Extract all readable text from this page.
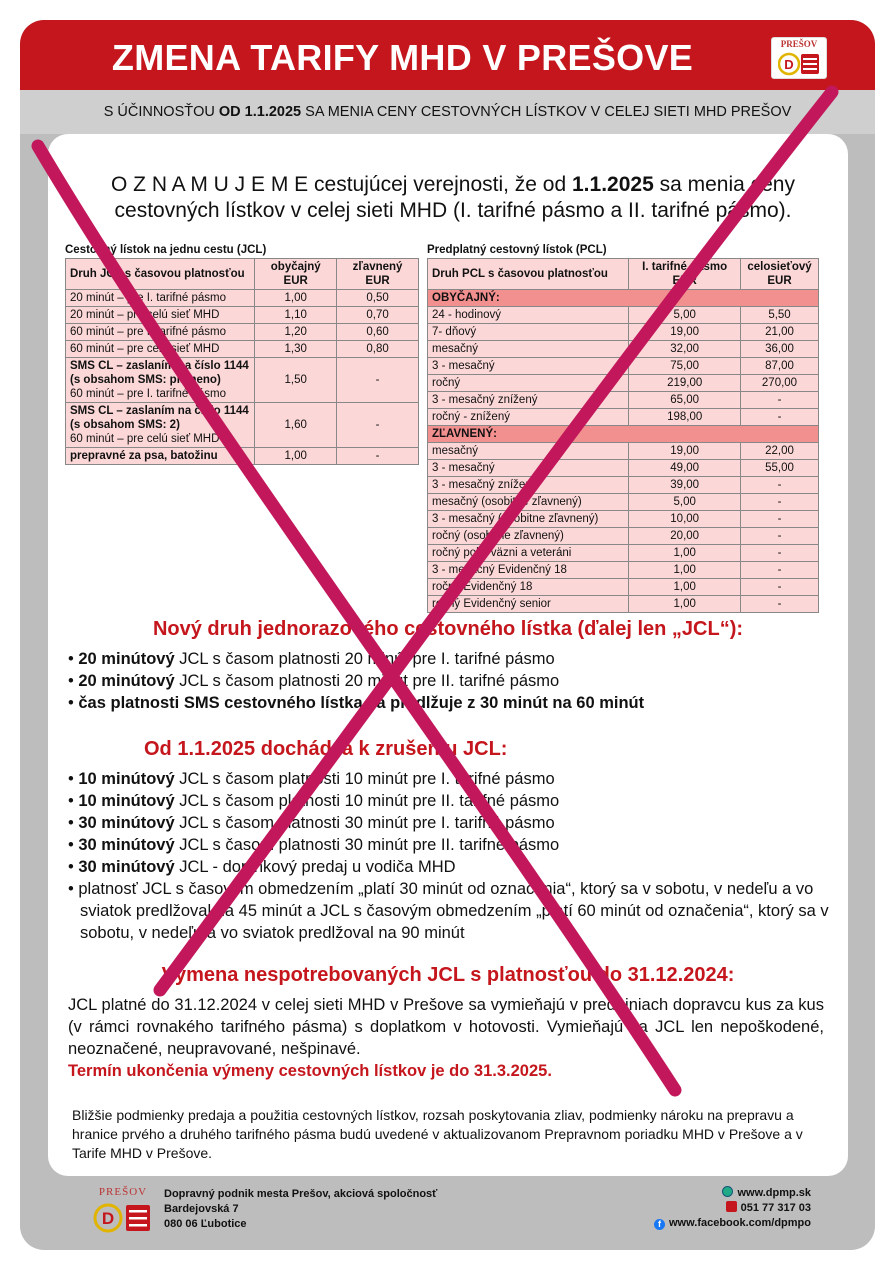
ZMENA TARIFY MHD V PREŠOVE	PREŠOV
D
S ÚČINNOSŤOU OD 1.1.2025 SA MENIA CENY CESTOVNÝCH LÍSTKOV V CELEJ SIETI MHD PREŠOV
O Z N A M U J E M E cestujúcej verejnosti, že od 1.1.2025 sa menia ceny cestovných lístkov v celej sieti MHD (I. tarifné pásmo a II. tarifné pásmo).
Cestovný lístok na jednu cestu (JCL)
Druh JCL s časovou platnosťou	obyčajný EUR	zľavnený EUR
20 minút – pre I. tarifné pásmo	1,00	0,50
20 minút – pre celú sieť MHD	1,10	0,70
60 minút – pre I. tarifné pásmo	1,20	0,60
60 minút – pre celú sieť MHD	1,30	0,80
SMS CL – zaslaním na číslo 1144 (s obsahom SMS: písmeno)
60 minút – pre I. tarifné pásmo	1,50	-
SMS CL – zaslaním na číslo 1144 (s obsahom SMS: 2)
60 minút – pre celú sieť MHD	1,60	-
prepravné za psa, batožinu	1,00	-
Predplatný cestovný lístok (PCL)
Druh PCL s časovou platnosťou	I. tarifné pásmo EUR	celosieťový EUR
OBYČAJNÝ:		
24 - hodinový	5,00	5,50
7- dňový	19,00	21,00
mesačný	32,00	36,00
3 - mesačný	75,00	87,00
ročný	219,00	270,00
3 - mesačný znížený	65,00	-
ročný - znížený	198,00	-
ZĽAVNENÝ:		
mesačný	19,00	22,00
3 - mesačný	49,00	55,00
3 - mesačný znížený	39,00	-
mesačný (osobitne zľavnený)	5,00	-
3 - mesačný (osobitne zľavnený)	10,00	-
ročný (osobitne zľavnený)	20,00	-
ročný polit. väzni a veteráni	1,00	-
3 - mesačný Evidenčný 18	1,00	-
ročný Evidenčný 18	1,00	-
ročný Evidenčný senior	1,00	-
Nový druh jednorazového cestovného lístka (ďalej len „JCL“):
• 20 minútový JCL s časom platnosti 20 minút pre I. tarifné pásmo
• 20 minútový JCL s časom platnosti 20 minút pre II. tarifné pásmo
• čas platnosti SMS cestovného lístka sa predlžuje z 30 minút na 60 minút
Od 1.1.2025 dochádza k zrušeniu JCL:
• 10 minútový JCL s časom platnosti 10 minút pre I. tarifné pásmo
• 10 minútový JCL s časom platnosti 10 minút pre II. tarifné pásmo
• 30 minútový JCL s časom platnosti 30 minút pre I. tarifné pásmo
• 30 minútový JCL s časom platnosti 30 minút pre II. tarifné pásmo
• 30 minútový JCL - doplnkový predaj u vodiča MHD
• platnosť JCL s časovým obmedzením „platí 30 minút od označenia“, ktorý sa v sobotu, v nedeľu a vo sviatok predlžoval na 45 minút a JCL s časovým obmedzením „platí 60 minút od označenia“, ktorý sa v sobotu, v nedeľu a vo sviatok predlžoval na 90 minút
Výmena nespotrebovaných JCL s platnosťou do 31.12.2024:
JCL platné do 31.12.2024 v celej sieti MHD v Prešove sa vymieňajú v predajniach dopravcu kus za kus (v rámci rovnakého tarifného pásma) s doplatkom v hotovosti. Vymieňajú sa JCL len nepoškodené, neoznačené, neupravované, nešpinavé.
Termín ukončenia výmeny cestovných lístkov je do 31.3.2025.
Bližšie podmienky predaja a použitia cestovných lístkov, rozsah poskytovania zliav, podmienky nároku na prepravu a hranice prvého a druhého tarifného pásma budú uvedené v aktualizovanom Prepravnom poriadku MHD v Prešove a v Tarife MHD v Prešove.
PREŠOV
D
Dopravný podnik mesta Prešov, akciová spoločnosť
Bardejovská 7
080 06 Ľubotice
www.dpmp.sk
051 77 317 03
f www.facebook.com/dpmpo
